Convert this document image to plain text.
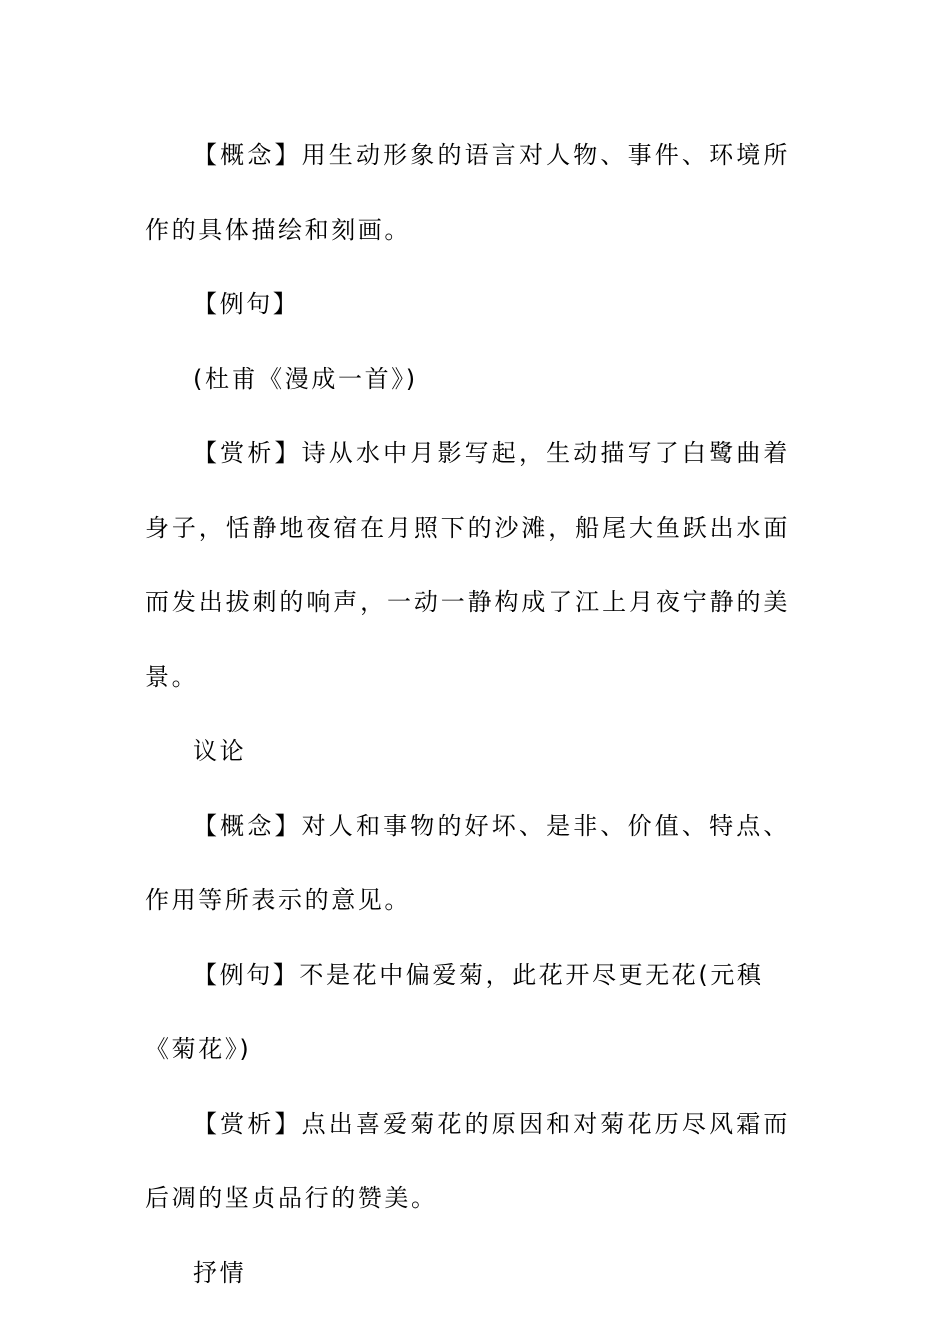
【概念】用生动形象的语言对人物、事件、环境所作的具体描绘和刻画。

【例句】

(杜甫《漫成一首》)

【赏析】诗从水中月影写起，生动描写了白鹭曲着身子，恬静地夜宿在月照下的沙滩，船尾大鱼跃出水面而发出拔刺的响声，一动一静构成了江上月夜宁静的美景。

议论

【概念】对人和事物的好坏、是非、价值、特点、作用等所表示的意见。

【例句】不是花中偏爱菊，此花开尽更无花(元稹《菊花》)

【赏析】点出喜爱菊花的原因和对菊花历尽风霜而后凋的坚贞品行的赞美。

抒情
